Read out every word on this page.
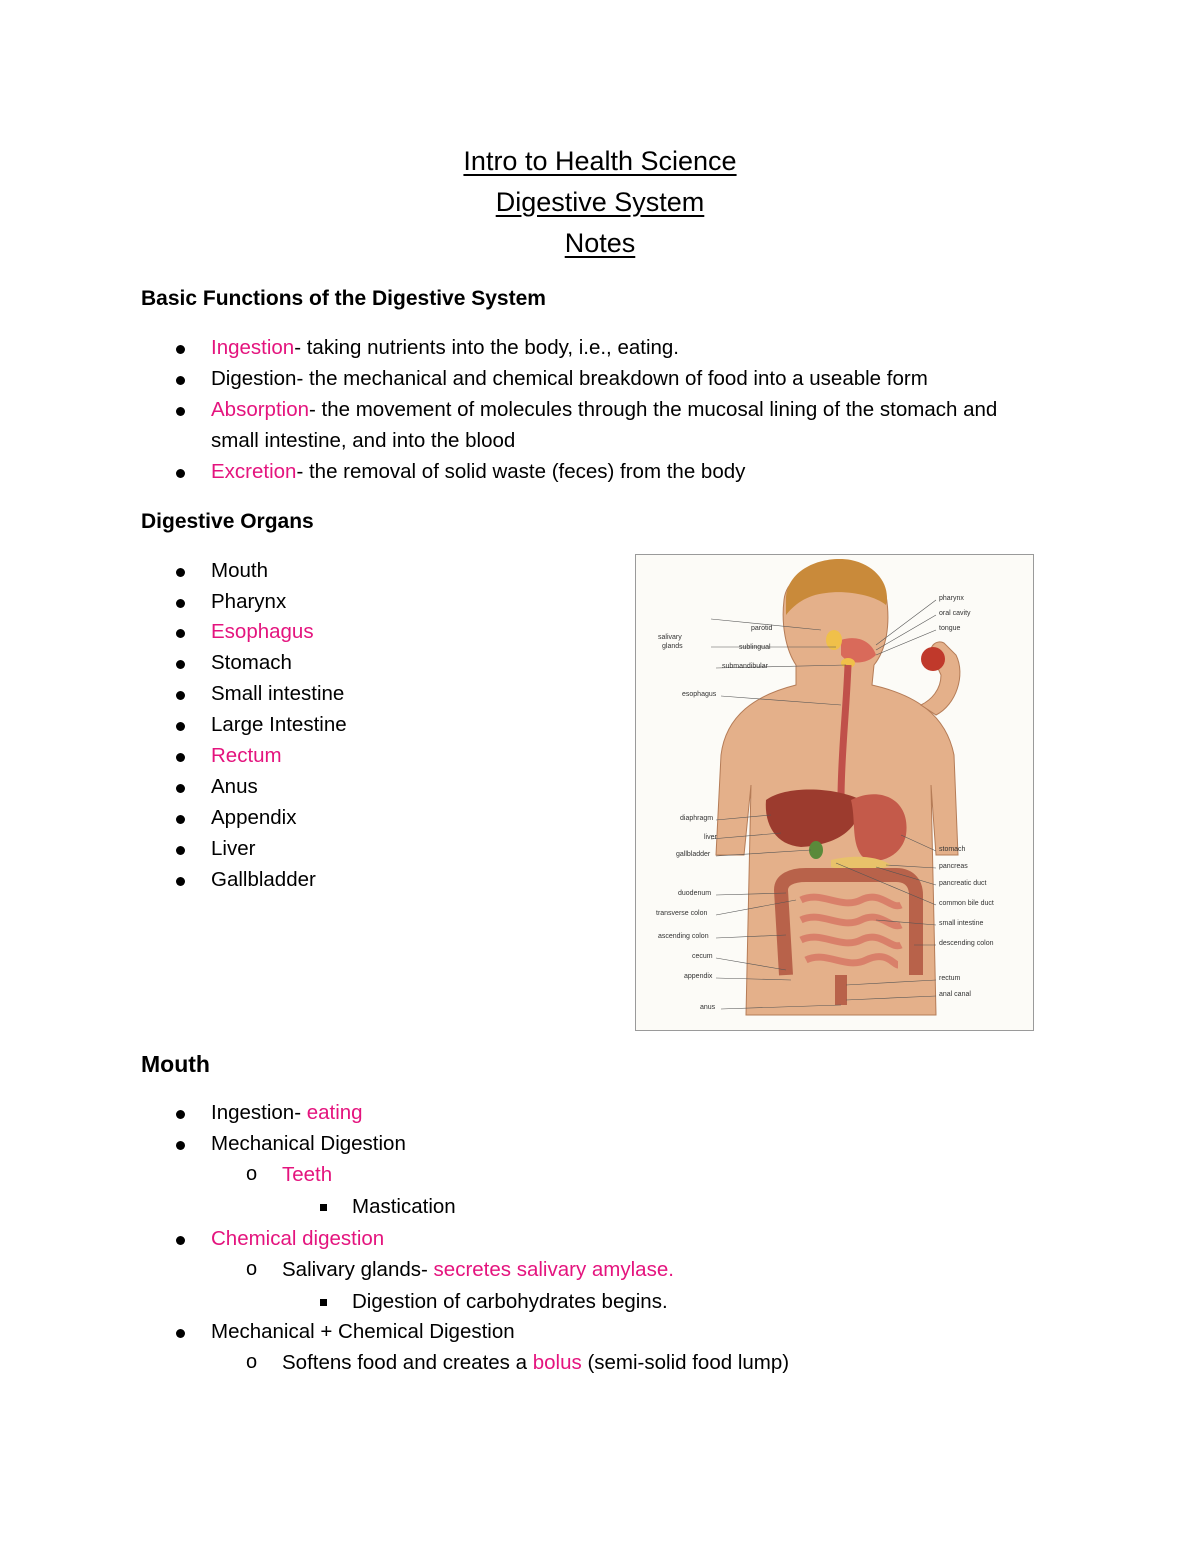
Intro to Health Science
Digestive System
Notes
Basic Functions of the Digestive System
Ingestion- taking nutrients into the body, i.e., eating.
Digestion- the mechanical and chemical breakdown of food into a useable form
Absorption- the movement of molecules through the mucosal lining of the stomach and
small intestine, and into the blood
Excretion- the removal of solid waste (feces) from the body
Digestive Organs
Mouth
Pharynx
Esophagus
Stomach
Small intestine
Large Intestine
Rectum
Anus
Appendix
Liver
Gallbladder
salivary
glands
parotid
sublingual
submandibular
esophagus
diaphragm
liver
gallbladder
duodenum
transverse colon
ascending colon
cecum
appendix
anus
pharynx
oral cavity
tongue
stomach
pancreas
pancreatic duct
common bile duct
small intestine
descending colon
rectum
anal canal
Mouth
Ingestion- eating
Mechanical Digestion
o Teeth
Mastication
Chemical digestion
o Salivary glands- secretes salivary amylase.
Digestion of carbohydrates begins.
Mechanical + Chemical Digestion
o Softens food and creates a bolus (semi-solid food lump)
